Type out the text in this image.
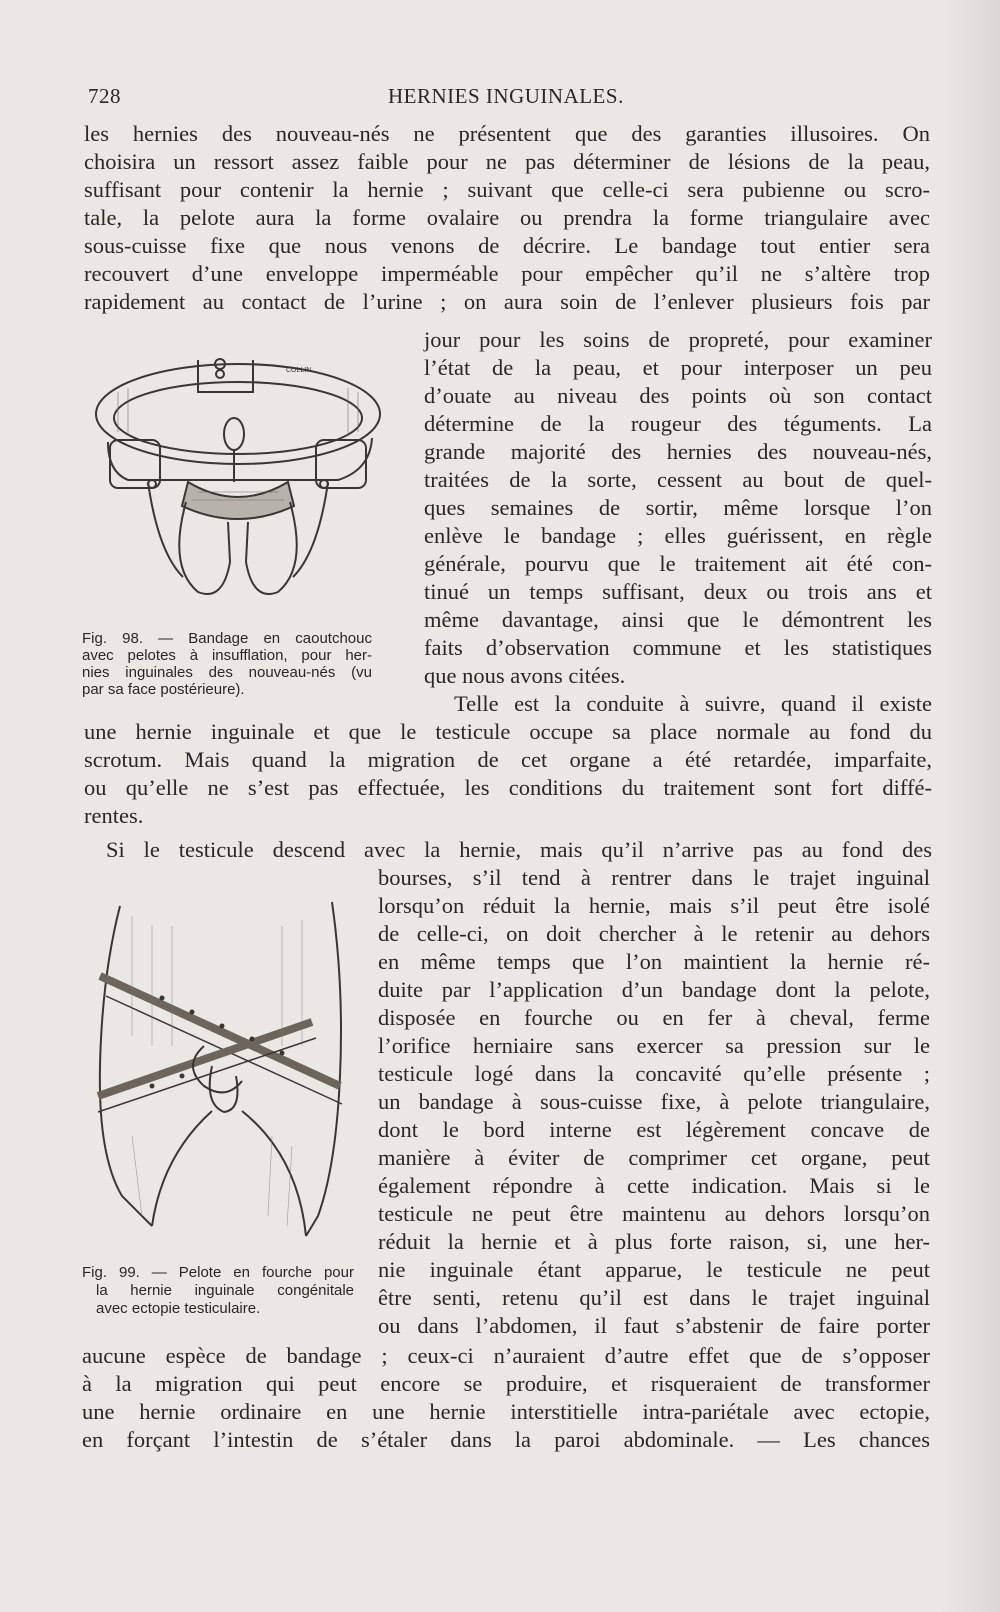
728	HERNIES INGUINALES.
les hernies des nouveau-nés ne présentent que des garanties illusoires. On
choisira un ressort assez faible pour ne pas déterminer de lésions de la peau,
suffisant pour contenir la hernie ; suivant que celle-ci sera pubienne ou scro-
tale, la pelote aura la forme ovalaire ou prendra la forme triangulaire avec
sous-cuisse fixe que nous venons de décrire. Le bandage tout entier sera
recouvert d’une enveloppe imperméable pour empêcher qu’il ne s’altère trop
rapidement au contact de l’urine ; on aura soin de l’enlever plusieurs fois par
COLLIN
Fig. 98. — Bandage en caoutchouc
avec pelotes à insufflation, pour her-
nies inguinales des nouveau-nés (vu
par sa face postérieure).
jour pour les soins de propreté, pour examiner
l’état de la peau, et pour interposer un peu
d’ouate au niveau des points où son contact
détermine de la rougeur des téguments. La
grande majorité des hernies des nouveau-nés,
traitées de la sorte, cessent au bout de quel-
ques semaines de sortir, même lorsque l’on
enlève le bandage ; elles guérissent, en règle
générale, pourvu que le traitement ait été con-
tinué un temps suffisant, deux ou trois ans et
même davantage, ainsi que le démontrent les
faits d’observation commune et les statistiques
que nous avons citées.
Telle est la conduite à suivre, quand il existe
une hernie inguinale et que le testicule occupe sa place normale au fond du
scrotum. Mais quand la migration de cet organe a été retardée, imparfaite,
ou qu’elle ne s’est pas effectuée, les conditions du traitement sont fort diffé-
rentes.
Si le testicule descend avec la hernie, mais qu’il n’arrive pas au fond des
Fig. 99. — Pelote en fourche pour
la hernie inguinale congénitale
avec ectopie testiculaire.
bourses, s’il tend à rentrer dans le trajet inguinal
lorsqu’on réduit la hernie, mais s’il peut être isolé
de celle-ci, on doit chercher à le retenir au dehors
en même temps que l’on maintient la hernie ré-
duite par l’application d’un bandage dont la pelote,
disposée en fourche ou en fer à cheval, ferme
l’orifice herniaire sans exercer sa pression sur le
testicule logé dans la concavité qu’elle présente ;
un bandage à sous-cuisse fixe, à pelote triangulaire,
dont le bord interne est légèrement concave de
manière à éviter de comprimer cet organe, peut
également répondre à cette indication. Mais si le
testicule ne peut être maintenu au dehors lorsqu’on
réduit la hernie et à plus forte raison, si, une her-
nie inguinale étant apparue, le testicule ne peut
être senti, retenu qu’il est dans le trajet inguinal
ou dans l’abdomen, il faut s’abstenir de faire porter
aucune espèce de bandage ; ceux-ci n’auraient d’autre effet que de s’opposer
à la migration qui peut encore se produire, et risqueraient de transformer
une hernie ordinaire en une hernie interstitielle intra-pariétale avec ectopie,
en forçant l’intestin de s’étaler dans la paroi abdominale. — Les chances
